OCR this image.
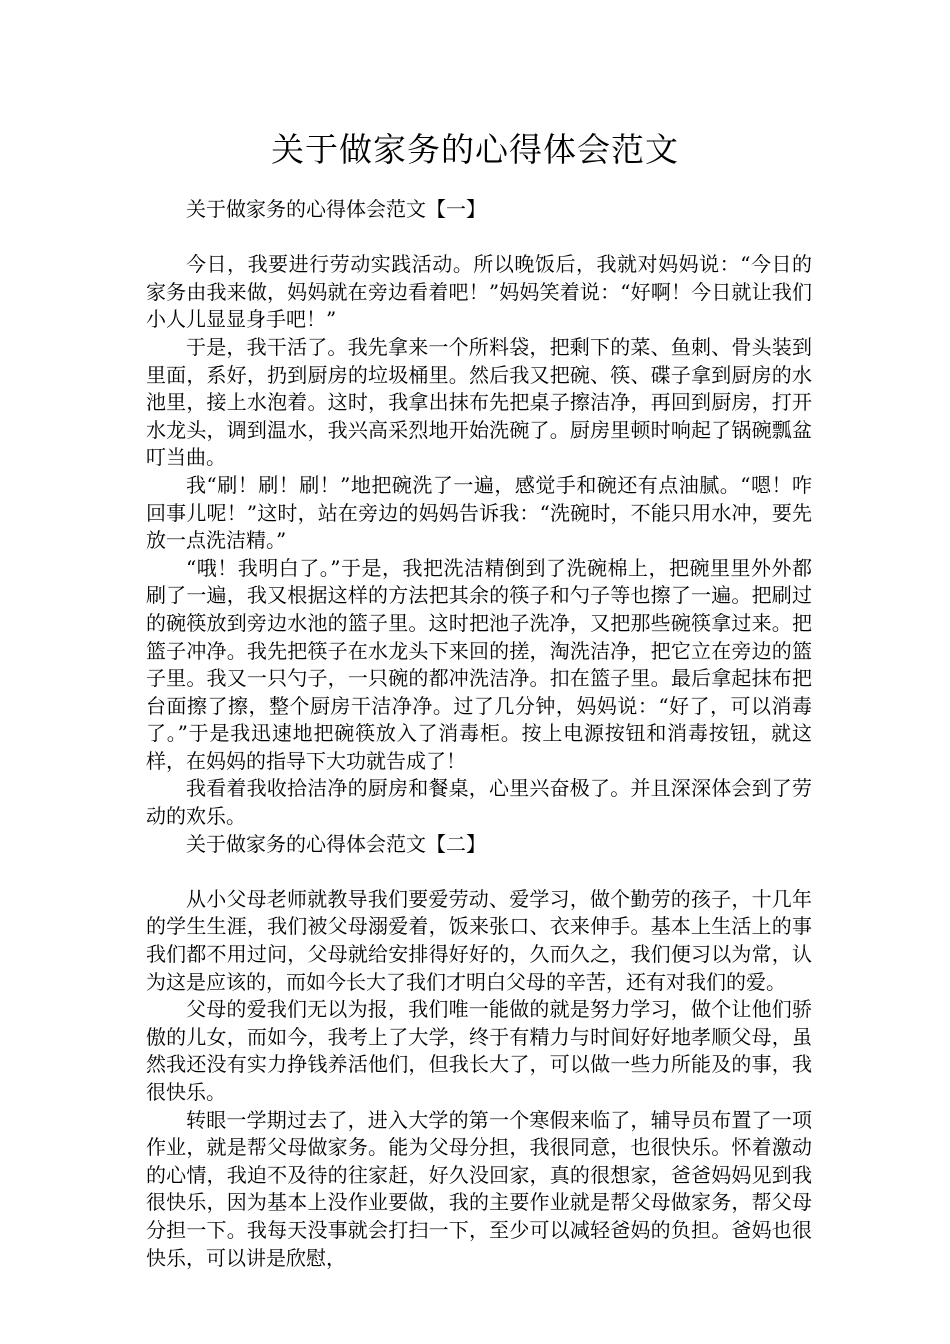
关于做家务的心得体会范文

关于做家务的心得体会范文【一】

今日，我要进行劳动实践活动。所以晚饭后，我就对妈妈说：“今日的家务由我来做，妈妈就在旁边看着吧！”妈妈笑着说：“好啊！今日就让我们小人儿显显身手吧！”

于是，我干活了。我先拿来一个所料袋，把剩下的菜、鱼刺、骨头装到里面，系好，扔到厨房的垃圾桶里。然后我又把碗、筷、碟子拿到厨房的水池里，接上水泡着。这时，我拿出抹布先把桌子擦洁净，再回到厨房，打开水龙头，调到温水，我兴高采烈地开始洗碗了。厨房里顿时响起了锅碗瓢盆叮当曲。

我“刷！刷！刷！”地把碗洗了一遍，感觉手和碗还有点油腻。“嗯！咋回事儿呢！”这时，站在旁边的妈妈告诉我：“洗碗时，不能只用水冲，要先放一点洗洁精。”

“哦！我明白了。”于是，我把洗洁精倒到了洗碗棉上，把碗里里外外都刷了一遍，我又根据这样的方法把其余的筷子和勺子等也擦了一遍。把刷过的碗筷放到旁边水池的篮子里。这时把池子洗净，又把那些碗筷拿过来。把篮子冲净。我先把筷子在水龙头下来回的搓，淘洗洁净，把它立在旁边的篮子里。我又一只勺子，一只碗的都冲洗洁净。扣在篮子里。最后拿起抹布把台面擦了擦，整个厨房干洁净净。过了几分钟，妈妈说：“好了，可以消毒了。”于是我迅速地把碗筷放入了消毒柜。按上电源按钮和消毒按钮，就这样，在妈妈的指导下大功就告成了！

我看着我收拾洁净的厨房和餐桌，心里兴奋极了。并且深深体会到了劳动的欢乐。

关于做家务的心得体会范文【二】

从小父母老师就教导我们要爱劳动、爱学习，做个勤劳的孩子，十几年的学生生涯，我们被父母溺爱着，饭来张口、衣来伸手。基本上生活上的事我们都不用过问，父母就给安排得好好的，久而久之，我们便习以为常，认为这是应该的，而如今长大了我们才明白父母的辛苦，还有对我们的爱。

父母的爱我们无以为报，我们唯一能做的就是努力学习，做个让他们骄傲的儿女，而如今，我考上了大学，终于有精力与时间好好地孝顺父母，虽然我还没有实力挣钱养活他们，但我长大了，可以做一些力所能及的事，我很快乐。

转眼一学期过去了，进入大学的第一个寒假来临了，辅导员布置了一项作业，就是帮父母做家务。能为父母分担，我很同意，也很快乐。怀着激动的心情，我迫不及待的往家赶，好久没回家，真的很想家，爸爸妈妈见到我很快乐，因为基本上没作业要做，我的主要作业就是帮父母做家务，帮父母分担一下。我每天没事就会打扫一下，至少可以减轻爸妈的负担。爸妈也很快乐，可以讲是欣慰，
